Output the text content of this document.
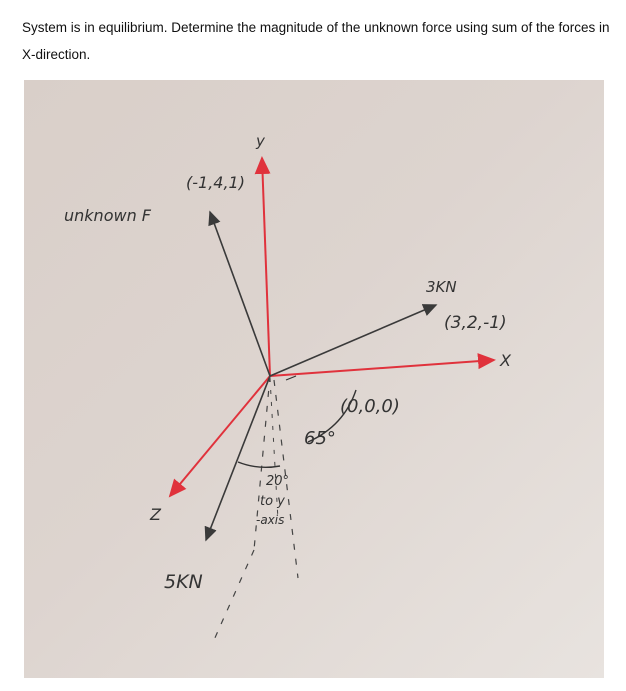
System is in equilibrium. Determine the magnitude of the unknown force using sum of the forces in X-direction.
unknown F
(-1,4,1)
y
3KN
(3,2,-1)
X
(0,0,0)
65°
20°
to y
-axis
Z
5KN
